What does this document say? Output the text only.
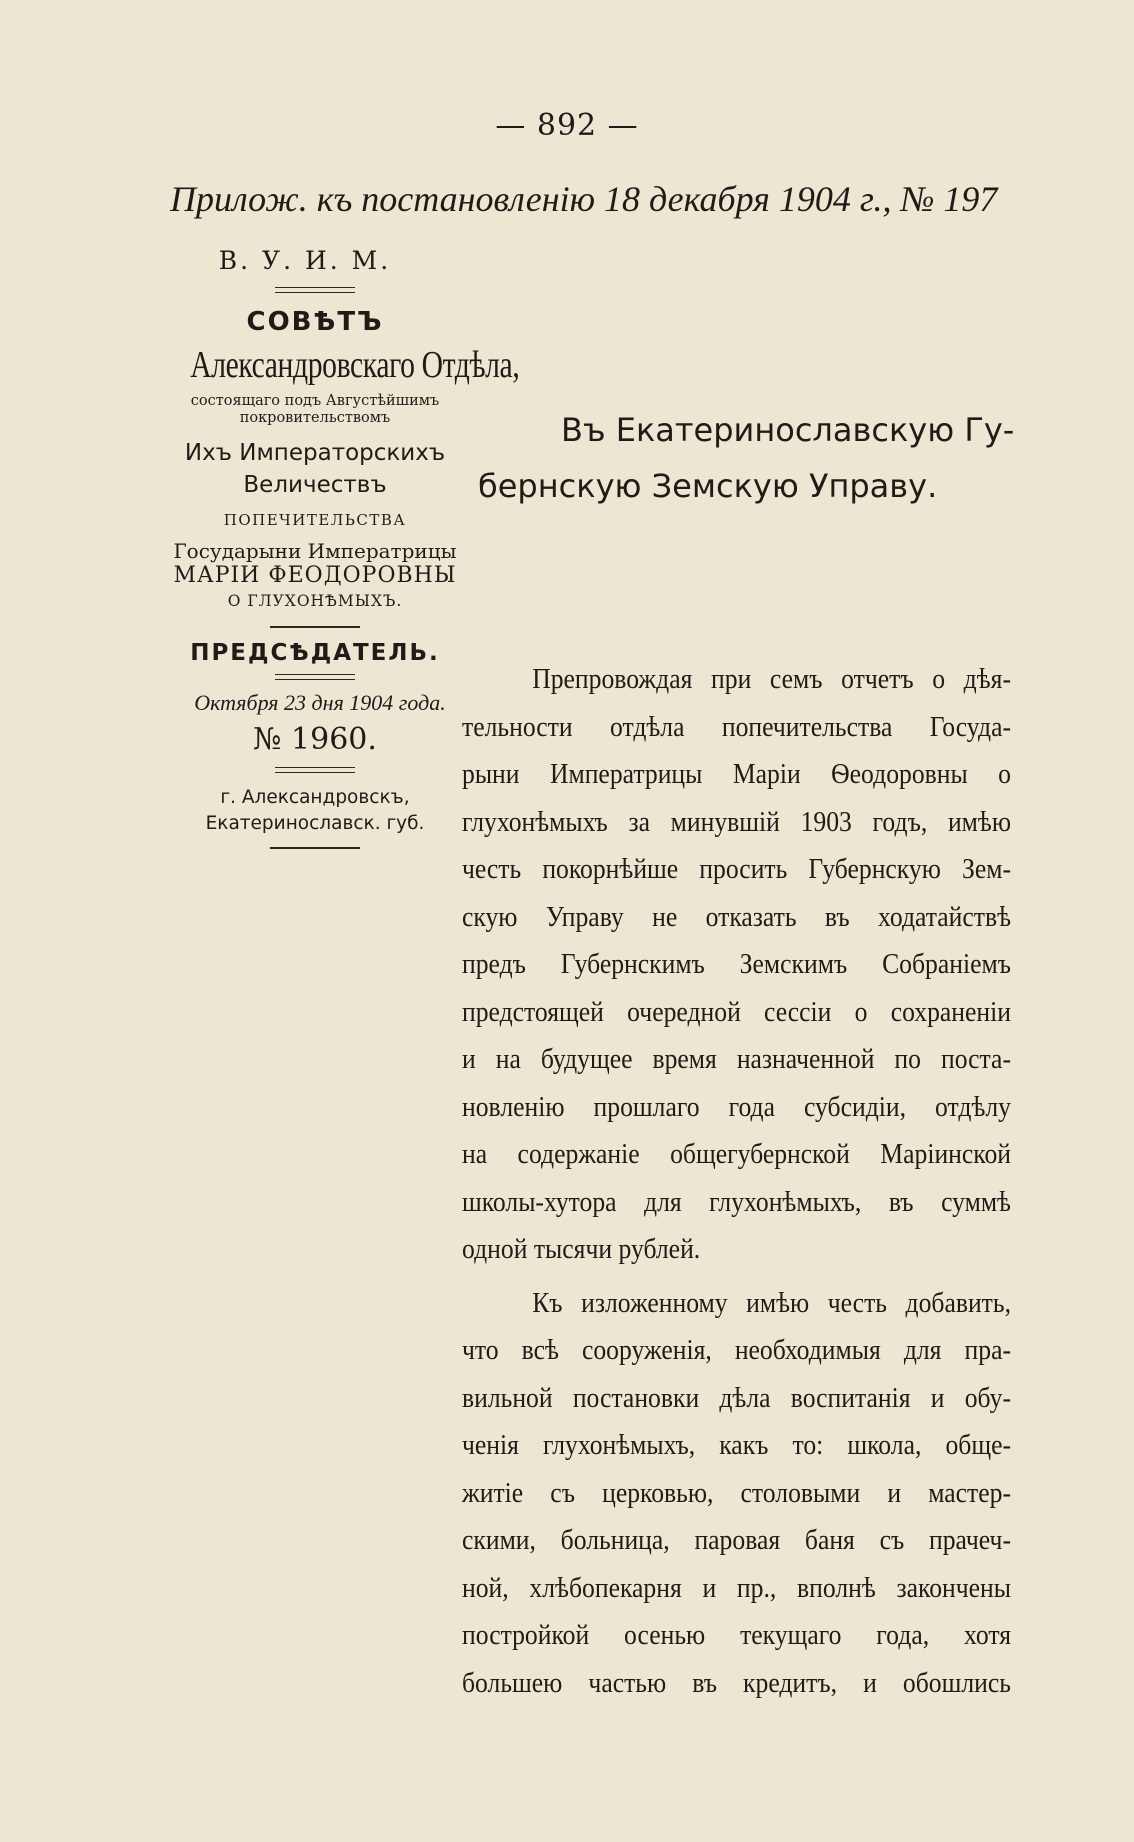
— 892 —
Прилож. къ постановленію 18 декабря 1904 г., № 197
В. У. И. М.
СОВѢТЪ
Александровскаго Отдѣла,
состоящаго подъ Августѣйшимъ
покровительствомъ
Ихъ Императорскихъ
Величествъ
ПОПЕЧИТЕЛЬСТВА
Государыни Императрицы
МАРІИ ФЕОДОРОВНЫ
О ГЛУХОНѢМЫХЪ.
ПРЕДСѢДАТЕЛЬ.
Октября 23 дня 1904 года.
№ 1960.
г. Александровскъ,
Екатеринославск. губ.
Въ Екатеринославскую Гу-
бернскую Земскую Управу.
Препровождая при семъ отчетъ о дѣя-
тельности отдѣла попечительства Госуда-
рыни Императрицы Маріи Ѳеодоровны о
глухонѣмыхъ за минувшій 1903 годъ, имѣю
честь покорнѣйше просить Губернскую Зем-
скую Управу не отказать въ ходатайствѣ
предъ Губернскимъ Земскимъ Собраніемъ
предстоящей очередной сессіи о сохраненіи
и на будущее время назначенной по поста-
новленію прошлаго года субсидіи, отдѣлу
на содержаніе общегубернской Маріинской
школы-хутора для глухонѣмыхъ, въ суммѣ
одной тысячи рублей.
Къ изложенному имѣю честь добавить,
что всѣ сооруженія, необходимыя для пра-
вильной постановки дѣла воспитанія и обу-
ченія глухонѣмыхъ, какъ то: школа, обще-
житіе съ церковью, столовыми и мастер-
скими, больница, паровая баня съ прачеч-
ной, хлѣбопекарня и пр., вполнѣ закончены
постройкой осенью текущаго года, хотя
большею частью въ кредитъ, и обошлись
